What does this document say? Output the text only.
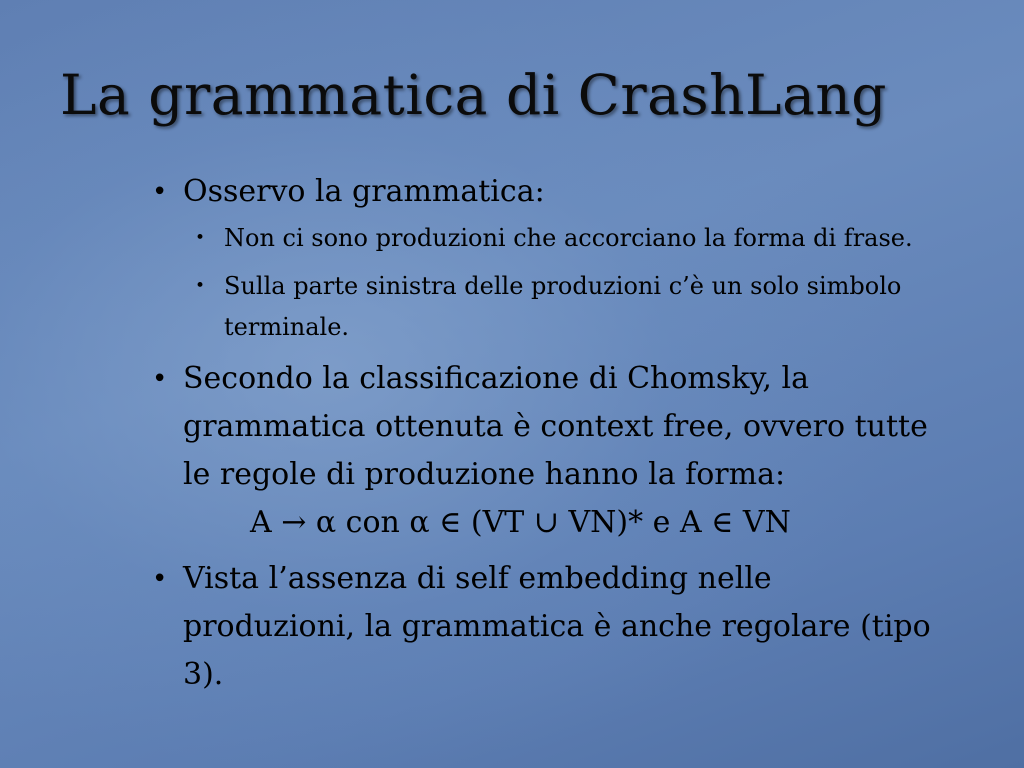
La grammatica di CrashLang
• Osservo la grammatica:
• Non ci sono produzioni che accorciano la forma di frase.
• Sulla parte sinistra delle produzioni c’è un solo simbolo terminale.
• Secondo la classificazione di Chomsky, la grammatica ottenuta è context free, ovvero tutte le regole di produzione hanno la forma:
A → α con α ∈ (VT ∪ VN)* e A ∈ VN
• Vista l’assenza di self embedding nelle produzioni, la grammatica è anche regolare (tipo 3).
